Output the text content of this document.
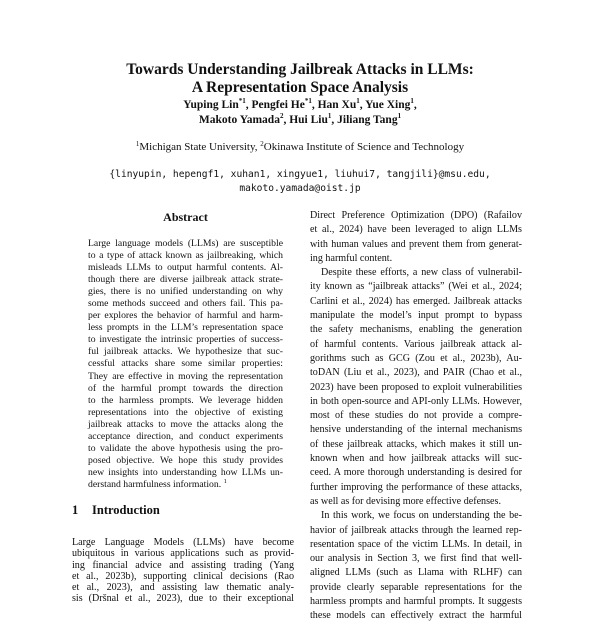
Towards Understanding Jailbreak Attacks in LLMs:
A Representation Space Analysis
Yuping Lin$^{*1}$, Pengfei He$^{*1}$, Han Xu$^1$, Yue Xing$^1$,
Makoto Yamada$^2$, Hui Liu$^1$, Jiliang Tang$^1$
$^1$Michigan State University, $^2$Okinawa Institute of Science and Technology
{linyupin, hepengf1, xuhan1, xingyue1, liuhui7, tangjili}@msu.edu,
makoto.yamada@oist.jp
Abstract
Large language models (LLMs) are susceptible
to a type of attack known as jailbreaking, which
misleads LLMs to output harmful contents. Al-
though there are diverse jailbreak attack strate-
gies, there is no unified understanding on why
some methods succeed and others fail. This pa-
per explores the behavior of harmful and harm-
less prompts in the LLM’s representation space
to investigate the intrinsic properties of success-
ful jailbreak attacks. We hypothesize that suc-
cessful attacks share some similar properties:
They are effective in moving the representation
of the harmful prompt towards the direction
to the harmless prompts. We leverage hidden
representations into the objective of existing
jailbreak attacks to move the attacks along the
acceptance direction, and conduct experiments
to validate the above hypothesis using the pro-
posed objective. We hope this study provides
new insights into understanding how LLMs un-
derstand harmfulness information. $^1$
1 Introduction
Large Language Models (LLMs) have become
ubiquitous in various applications such as provid-
ing financial advice and assisting trading (Yang
et al., 2023b), supporting clinical decisions (Rao
et al., 2023), and assisting law thematic analy-
sis (Dršnal et al., 2023), due to their exceptional
Direct Preference Optimization (DPO) (Rafailov
et al., 2024) have been leveraged to align LLMs
with human values and prevent them from generat-
ing harmful content.
Despite these efforts, a new class of vulnerabil-
ity known as “jailbreak attacks” (Wei et al., 2024;
Carlini et al., 2024) has emerged. Jailbreak attacks
manipulate the model’s input prompt to bypass
the safety mechanisms, enabling the generation
of harmful contents. Various jailbreak attack al-
gorithms such as GCG (Zou et al., 2023b), Au-
toDAN (Liu et al., 2023), and PAIR (Chao et al.,
2023) have been proposed to exploit vulnerabilities
in both open-source and API-only LLMs. However,
most of these studies do not provide a compre-
hensive understanding of the internal mechanisms
of these jailbreak attacks, which makes it still un-
known when and how jailbreak attacks will suc-
ceed. A more thorough understanding is desired for
further improving the performance of these attacks,
as well as for devising more effective defenses.
In this work, we focus on understanding the be-
havior of jailbreak attacks through the learned rep-
resentation space of the victim LLMs. In detail, in
our analysis in Section 3, we first find that well-
aligned LLMs (such as Llama with RLHF) can
provide clearly separable representations for the
harmless prompts and harmful prompts. It suggests
these models can effectively extract the harmful
